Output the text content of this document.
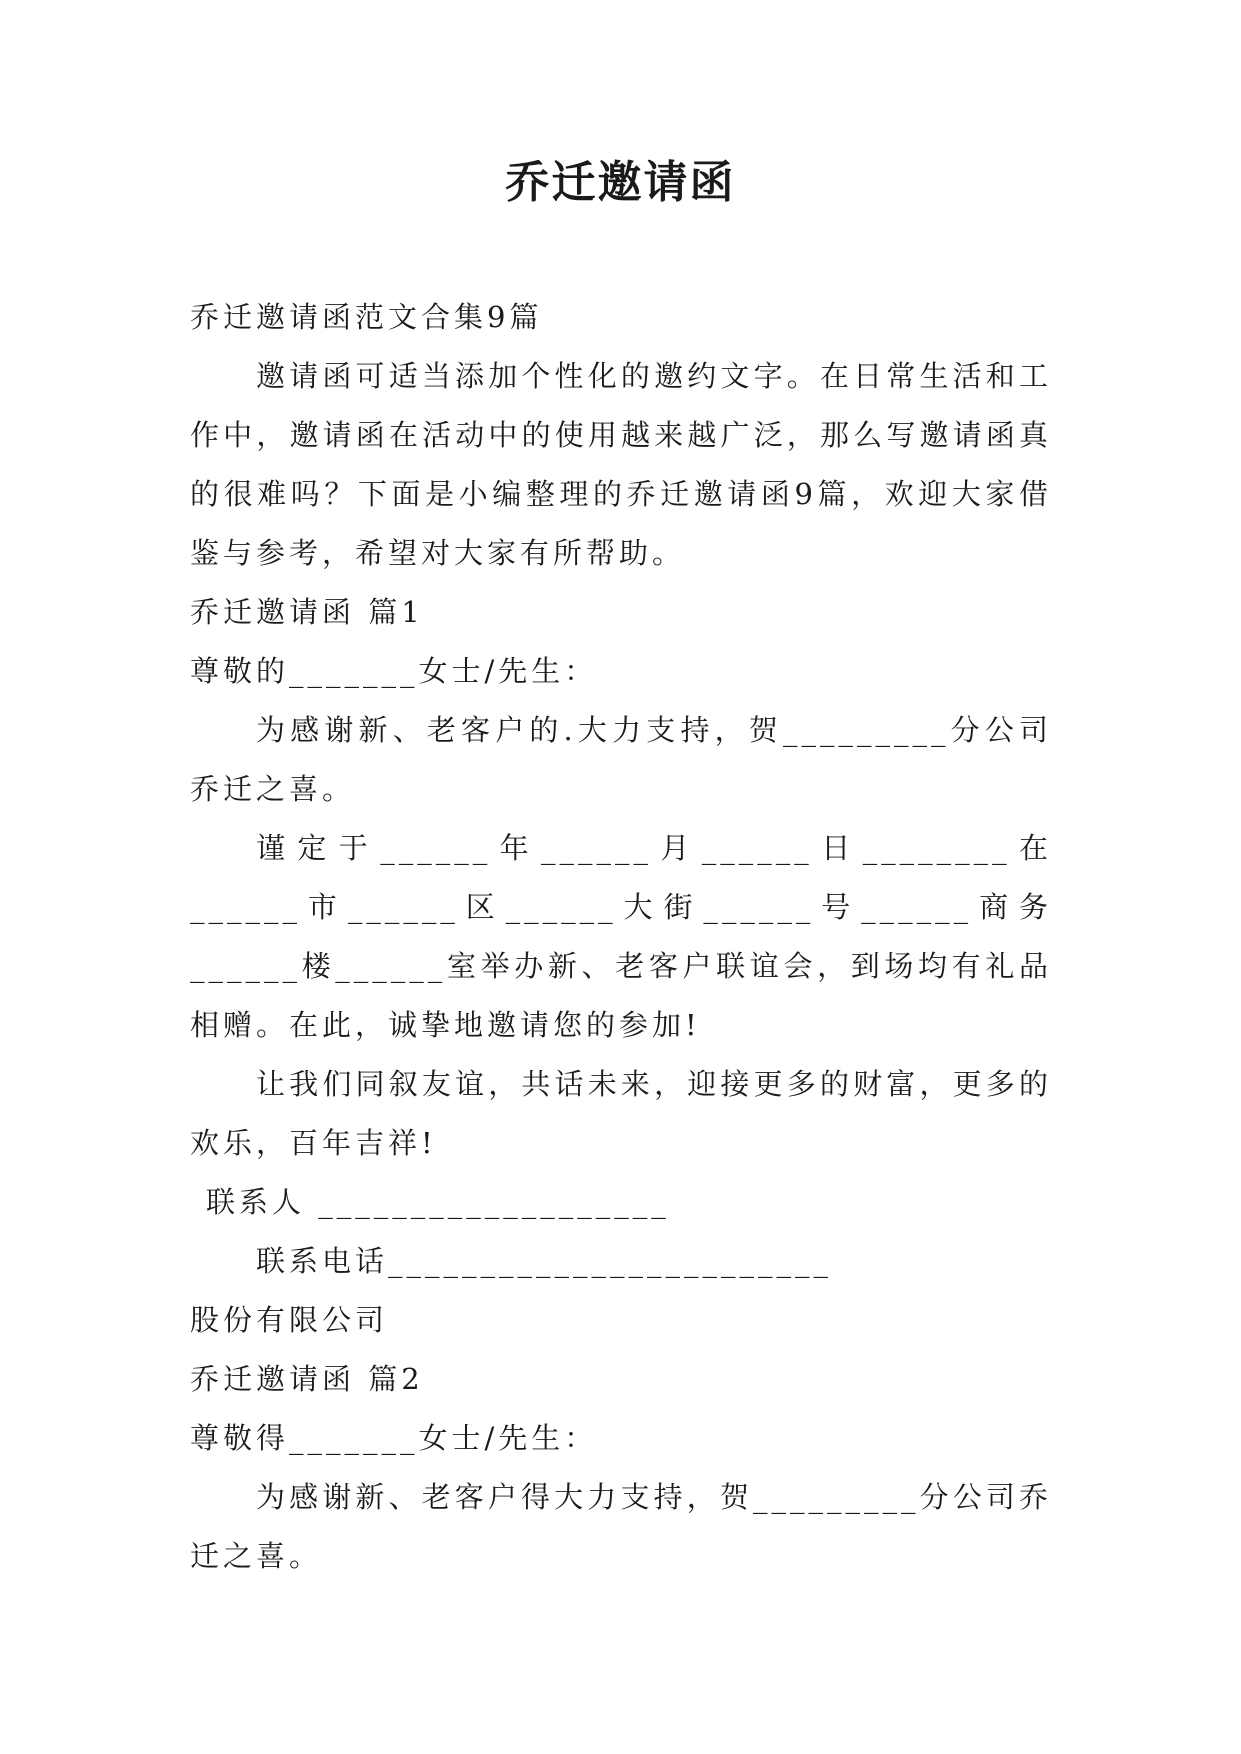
乔迁邀请函

乔迁邀请函范文合集9篇

邀请函可适当添加个性化的邀约文字。在日常生活和工作中，邀请函在活动中的使用越来越广泛，那么写邀请函真的很难吗？下面是小编整理的乔迁邀请函9篇，欢迎大家借鉴与参考，希望对大家有所帮助。

乔迁邀请函 篇1

尊敬的_______女士/先生：

为感谢新、老客户的.大力支持，贺_________分公司乔迁之喜。

谨定于______年______月______日________在______市______区______大街______号______商务______楼______室举办新、老客户联谊会，到场均有礼品相赠。在此，诚挚地邀请您的参加!

让我们同叙友谊，共话未来，迎接更多的财富，更多的欢乐，百年吉祥!

联系人 ___________________

联系电话________________________

股份有限公司

乔迁邀请函 篇2

尊敬得_______女士/先生：

为感谢新、老客户得大力支持，贺_________分公司乔迁之喜。
